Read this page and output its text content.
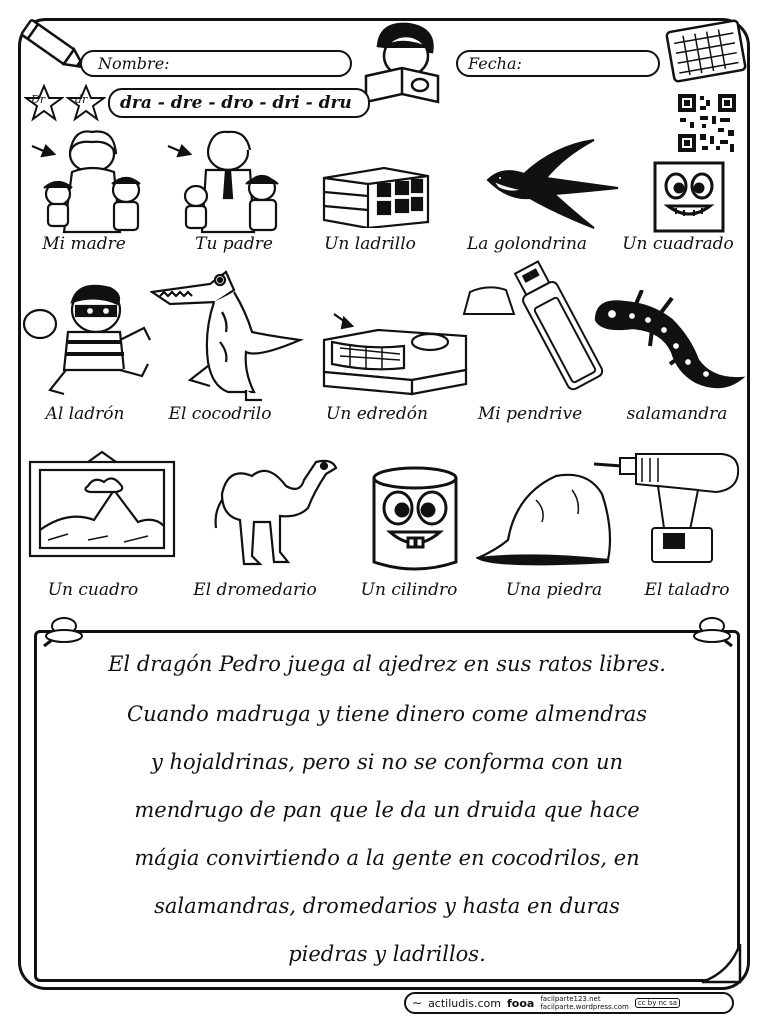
Nombre:	Fecha:
Dr	dr dra - dre - dro - dri - dru
Mi madre	Tu padre	Un ladrillo	La golondrina	Un cuadrado
Al ladrón	El cocodrilo	Un edredón	Mi pendrive	salamandra
Un cuadro	El dromedario	Un cilindro	Una piedra	El taladro
El dragón Pedro juega al ajedrez en sus ratos libres.
Cuando madruga y tiene dinero come almendras
y hojaldrinas, pero si no se conforma con un
mendrugo de pan que le da un druida que hace
mágia convirtiendo a la gente en cocodrilos, en
salamandras, dromedarios y hasta en duras
piedras y ladrillos.
∼ actiludis.com fooa facilparte123.net
facilparte.wordpress.com	cc by nc sa
